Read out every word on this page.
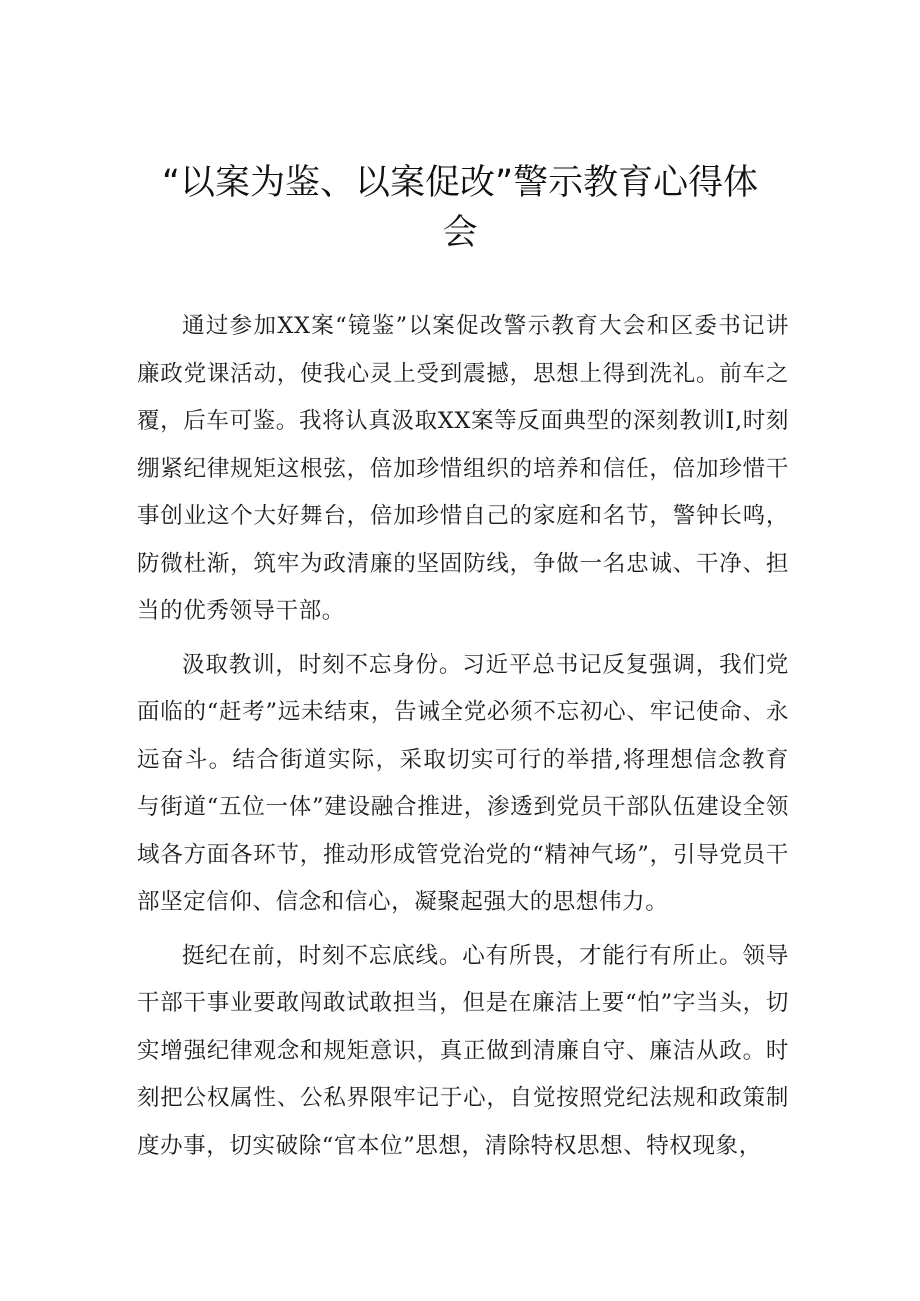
“以案为鉴、以案促改”警示教育心得体会

通过参加XX案“镜鉴”以案促改警示教育大会和区委书记讲廉政党课活动，使我心灵上受到震撼，思想上得到洗礼。前车之覆，后车可鉴。我将认真汲取XX案等反面典型的深刻教训I,时刻绷紧纪律规矩这根弦，倍加珍惜组织的培养和信任，倍加珍惜干事创业这个大好舞台，倍加珍惜自己的家庭和名节，警钟长鸣，防微杜渐，筑牢为政清廉的坚固防线，争做一名忠诚、干净、担当的优秀领导干部。

汲取教训，时刻不忘身份。习近平总书记反复强调，我们党面临的“赶考”远未结束，告诫全党必须不忘初心、牢记使命、永远奋斗。结合街道实际，采取切实可行的举措,将理想信念教育与街道“五位一体”建设融合推进，渗透到党员干部队伍建设全领域各方面各环节，推动形成管党治党的“精神气场”，引导党员干部坚定信仰、信念和信心，凝聚起强大的思想伟力。

挺纪在前，时刻不忘底线。心有所畏，才能行有所止。领导干部干事业要敢闯敢试敢担当，但是在廉洁上要“怕”字当头，切实增强纪律观念和规矩意识，真正做到清廉自守、廉洁从政。时刻把公权属性、公私界限牢记于心，自觉按照党纪法规和政策制度办事，切实破除“官本位”思想，清除特权思想、特权现象，
